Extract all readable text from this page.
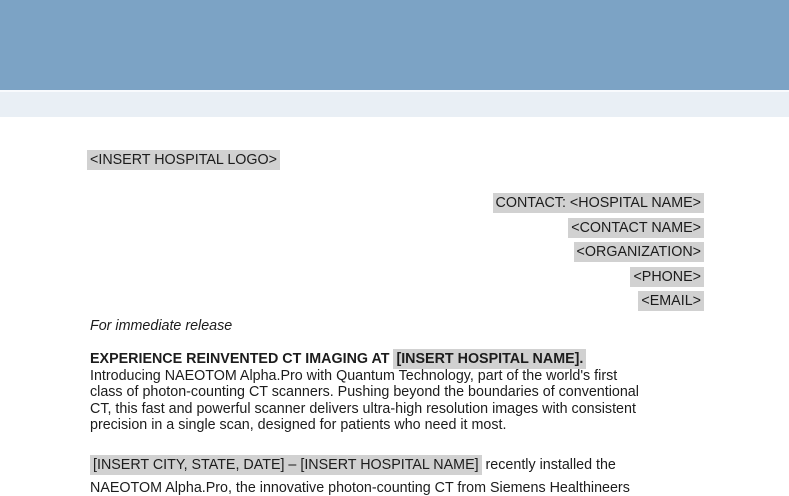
<INSERT HOSPITAL LOGO>
CONTACT: <HOSPITAL NAME>
<CONTACT NAME>
<ORGANIZATION>
<PHONE>
<EMAIL>
For immediate release
EXPERIENCE REINVENTED CT IMAGING AT [INSERT HOSPITAL NAME].
Introducing NAEOTOM Alpha.Pro with Quantum Technology, part of the world's first
class of photon-counting CT scanners. Pushing beyond the boundaries of conventional
CT, this fast and powerful scanner delivers ultra-high resolution images with consistent
precision in a single scan, designed for patients who need it most.
[INSERT CITY, STATE, DATE] – [INSERT HOSPITAL NAME] recently installed the
NAEOTOM Alpha.Pro, the innovative photon-counting CT from Siemens Healthineers
